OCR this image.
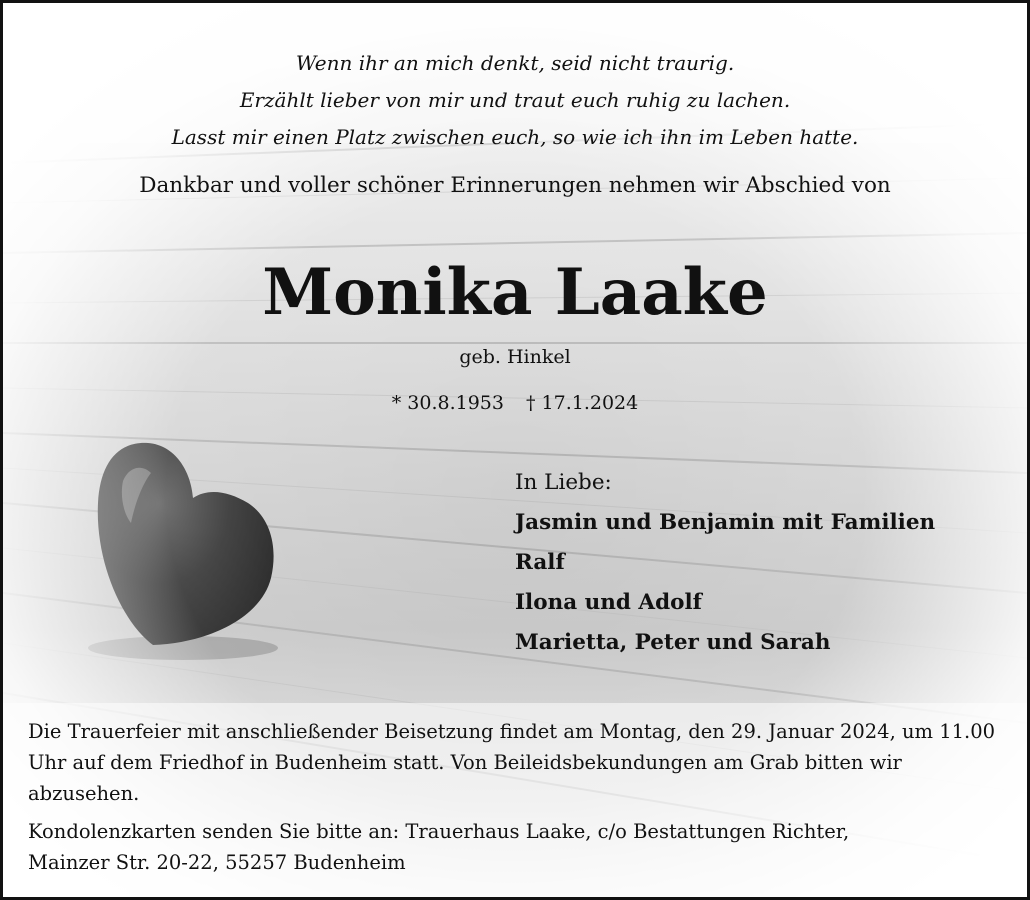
Wenn ihr an mich denkt, seid nicht traurig.
Erzählt lieber von mir und traut euch ruhig zu lachen.
Lasst mir einen Platz zwischen euch, so wie ich ihn im Leben hatte.
Dankbar und voller schöner Erinnerungen nehmen wir Abschied von
Monika Laake
geb. Hinkel
* 30.8.1953 † 17.1.2024
In Liebe:
Jasmin und Benjamin mit Familien
Ralf
Ilona und Adolf
Marietta, Peter und Sarah

Die Trauerfeier mit anschließender Beisetzung findet am Montag, den 29. Januar 2024, um 11.00 Uhr auf dem Friedhof in Budenheim statt. Von Beileidsbekundungen am Grab bitten wir abzusehen.

Kondolenzkarten senden Sie bitte an: Trauerhaus Laake, c/o Bestattungen Richter,
Mainzer Str. 20-22, 55257 Budenheim
